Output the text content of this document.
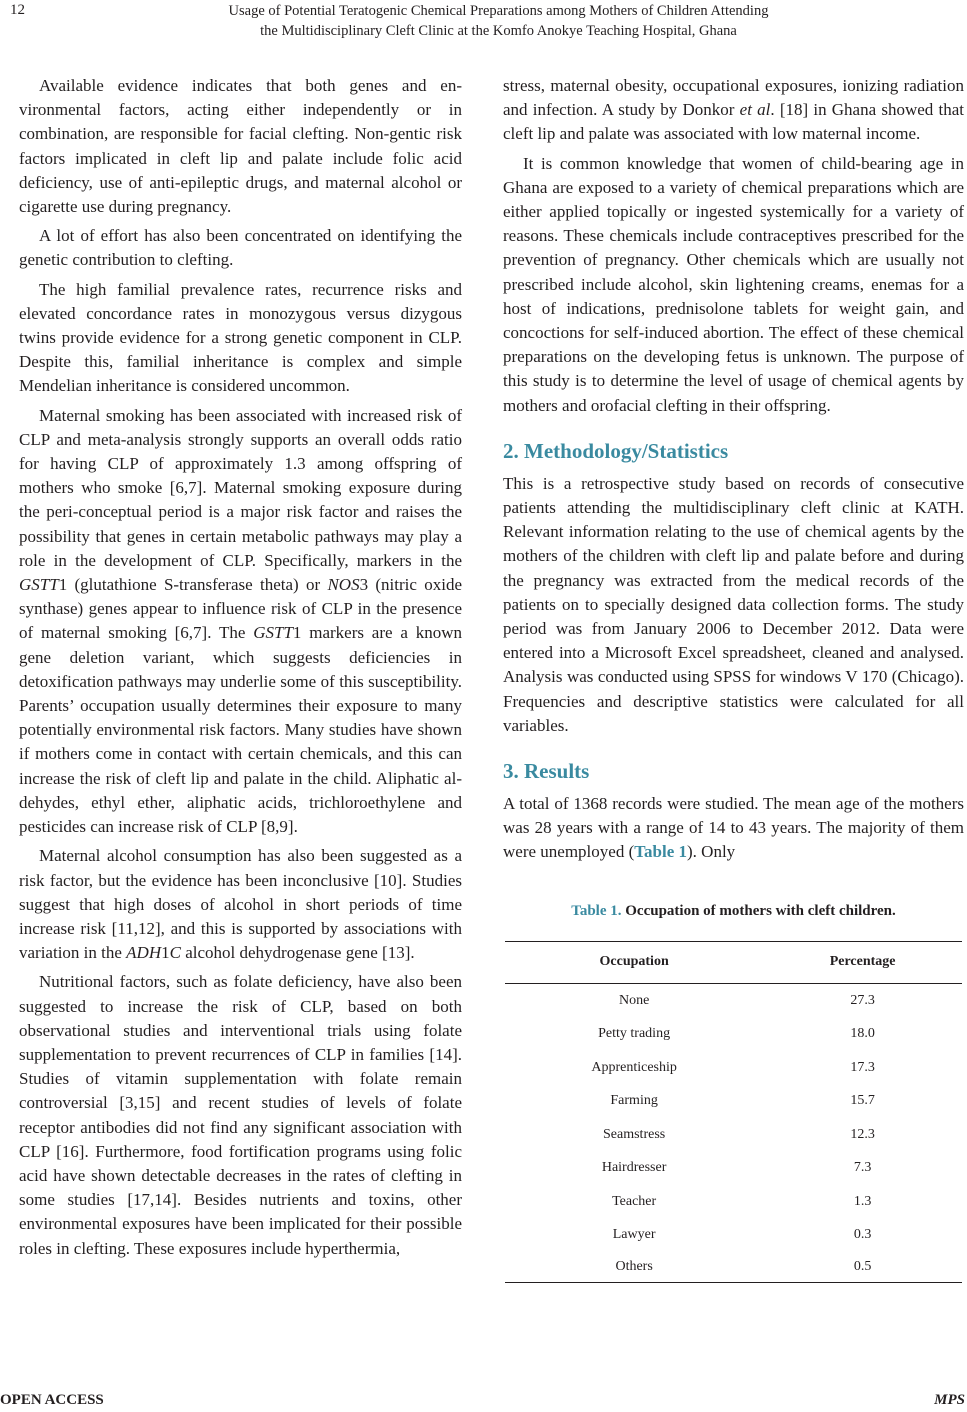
12	Usage of Potential Teratogenic Chemical Preparations among Mothers of Children Attending
the Multidisciplinary Cleft Clinic at the Komfo Anokye Teaching Hospital, Ghana

Available evidence indicates that both genes and environmental factors, acting either independently or in combination, are responsible for facial clefting. Non-gentic risk factors implicated in cleft lip and palate include folic acid deficiency, use of anti-epileptic drugs, and maternal alcohol or cigarette use during pregnancy.

A lot of effort has also been concentrated on identifying the genetic contribution to clefting.

The high familial prevalence rates, recurrence risks and elevated concordance rates in monozygous versus dizygous twins provide evidence for a strong genetic component in CLP. Despite this, familial inheritance is complex and simple Mendelian inheritance is considered uncommon.

Maternal smoking has been associated with increased risk of CLP and meta-analysis strongly supports an overall odds ratio for having CLP of approximately 1.3 among offspring of mothers who smoke [6,7]. Maternal smoking exposure during the peri-conceptual period is a major risk factor and raises the possibility that genes in certain metabolic pathways may play a role in the development of CLP. Specifically, markers in the GSTT1 (glutathione S-transferase theta) or NOS3 (nitric oxide synthase) genes appear to influence risk of CLP in the presence of maternal smoking [6,7]. The GSTT1 markers are a known gene deletion variant, which suggests deficiencies in detoxification pathways may underlie some of this susceptibility. Parents’ occupation usually determines their exposure to many potentially environmental risk factors. Many studies have shown if mothers come in contact with certain chemicals, and this can increase the risk of cleft lip and palate in the child. Aliphatic aldehydes, ethyl ether, aliphatic acids, trichloroethylene and pesticides can increase risk of CLP [8,9].

Maternal alcohol consumption has also been suggested as a risk factor, but the evidence has been inconclusive [10]. Studies suggest that high doses of alcohol in short periods of time increase risk [11,12], and this is supported by associations with variation in the ADH1C alcohol dehydrogenase gene [13].

Nutritional factors, such as folate deficiency, have also been suggested to increase the risk of CLP, based on both observational studies and interventional trials using folate supplementation to prevent recurrences of CLP in families [14]. Studies of vitamin supplementation with folate remain controversial [3,15] and recent studies of levels of folate receptor antibodies did not find any significant association with CLP [16]. Furthermore, food fortification programs using folic acid have shown detectable decreases in the rates of clefting in some studies [17,14]. Besides nutrients and toxins, other environmental exposures have been implicated for their possible roles in clefting. These exposures include hyperthermia,

stress, maternal obesity, occupational exposures, ionizing radiation and infection. A study by Donkor et al. [18] in Ghana showed that cleft lip and palate was associated with low maternal income.

It is common knowledge that women of child-bearing age in Ghana are exposed to a variety of chemical preparations which are either applied topically or ingested systemically for a variety of reasons. These chemicals include contraceptives prescribed for the prevention of pregnancy. Other chemicals which are usually not prescribed include alcohol, skin lightening creams, enemas for a host of indications, prednisolone tablets for weight gain, and concoctions for self-induced abortion. The effect of these chemical preparations on the developing fetus is unknown. The purpose of this study is to determine the level of usage of chemical agents by mothers and orofacial clefting in their offspring.

2. Methodology/Statistics

This is a retrospective study based on records of consecutive patients attending the multidisciplinary cleft clinic at KATH. Relevant information relating to the use of chemical agents by the mothers of the children with cleft lip and palate before and during the pregnancy was extracted from the medical records of the patients on to specially designed data collection forms. The study period was from January 2006 to December 2012. Data were entered into a Microsoft Excel spreadsheet, cleaned and analysed. Analysis was conducted using SPSS for windows V 170 (Chicago). Frequencies and descriptive statistics were calculated for all variables.

3. Results

A total of 1368 records were studied. The mean age of the mothers was 28 years with a range of 14 to 43 years. The majority of them were unemployed (Table 1). Only

Table 1. Occupation of mothers with cleft children.
Occupation	Percentage
None	27.3
Petty trading	18.0
Apprenticeship	17.3
Farming	15.7
Seamstress	12.3
Hairdresser	7.3
Teacher	1.3
Lawyer	0.3
Others	0.5
OPEN ACCESS	MPS
